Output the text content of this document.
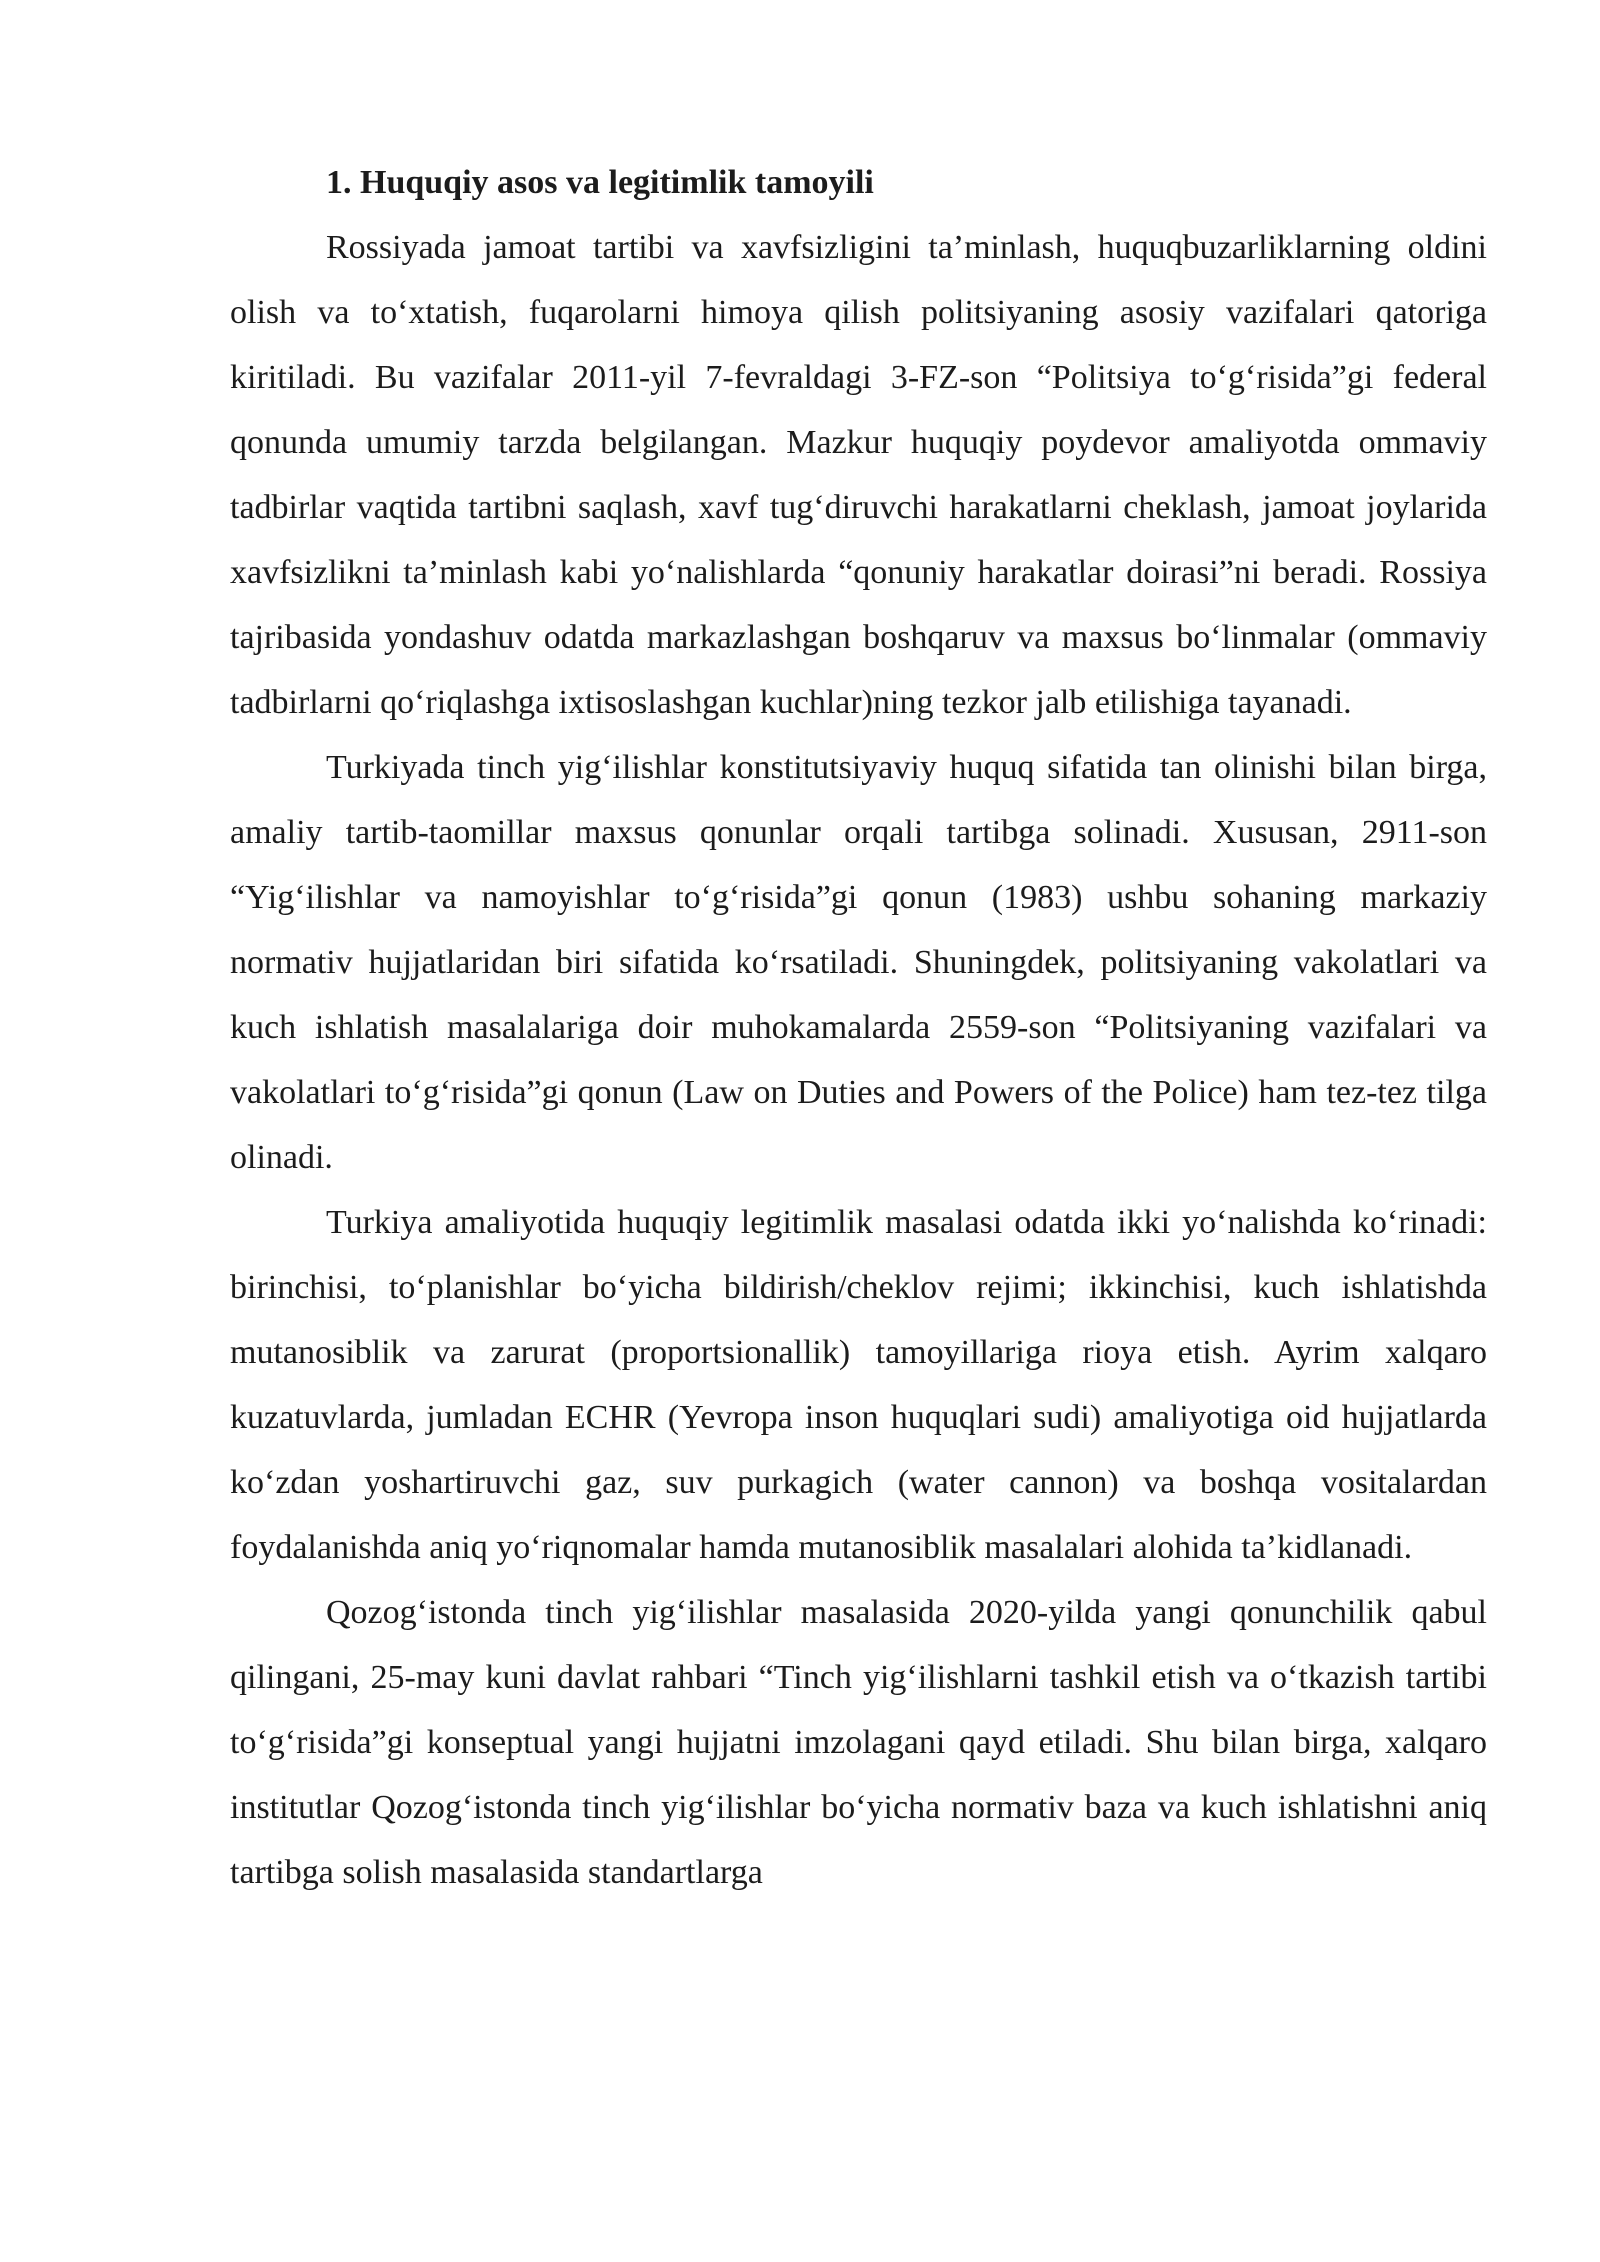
1. Huquqiy asos va legitimlik tamoyili

Rossiyada jamoat tartibi va xavfsizligini ta’minlash, huquqbuzarliklarning oldini olish va to‘xtatish, fuqarolarni himoya qilish politsiyaning asosiy vazifalari qatoriga kiritiladi. Bu vazifalar 2011-yil 7-fevraldagi 3-FZ-son “Politsiya to‘g‘risida”gi federal qonunda umumiy tarzda belgilangan. Mazkur huquqiy poydevor amaliyotda ommaviy tadbirlar vaqtida tartibni saqlash, xavf tug‘diruvchi harakatlarni cheklash, jamoat joylarida xavfsizlikni ta’minlash kabi yo‘nalishlarda “qonuniy harakatlar doirasi”ni beradi. Rossiya tajribasida yondashuv odatda markazlashgan boshqaruv va maxsus bo‘linmalar (ommaviy tadbirlarni qo‘riqlashga ixtisoslashgan kuchlar)ning tezkor jalb etilishiga tayanadi.

Turkiyada tinch yig‘ilishlar konstitutsiyaviy huquq sifatida tan olinishi bilan birga, amaliy tartib-taomillar maxsus qonunlar orqali tartibga solinadi. Xususan, 2911-son “Yig‘ilishlar va namoyishlar to‘g‘risida”gi qonun (1983) ushbu sohaning markaziy normativ hujjatlaridan biri sifatida ko‘rsatiladi. Shuningdek, politsiyaning vakolatlari va kuch ishlatish masalalariga doir muhokamalarda 2559-son “Politsiyaning vazifalari va vakolatlari to‘g‘risida”gi qonun (Law on Duties and Powers of the Police) ham tez-tez tilga olinadi.

Turkiya amaliyotida huquqiy legitimlik masalasi odatda ikki yo‘nalishda ko‘rinadi: birinchisi, to‘planishlar bo‘yicha bildirish/cheklov rejimi; ikkinchisi, kuch ishlatishda mutanosiblik va zarurat (proportsionallik) tamoyillariga rioya etish. Ayrim xalqaro kuzatuvlarda, jumladan ECHR (Yevropa inson huquqlari sudi) amaliyotiga oid hujjatlarda ko‘zdan yoshartiruvchi gaz, suv purkagich (water cannon) va boshqa vositalardan foydalanishda aniq yo‘riqnomalar hamda mutanosiblik masalalari alohida ta’kidlanadi.

Qozog‘istonda tinch yig‘ilishlar masalasida 2020-yilda yangi qonunchilik qabul qilingani, 25-may kuni davlat rahbari “Tinch yig‘ilishlarni tashkil etish va o‘tkazish tartibi to‘g‘risida”gi konseptual yangi hujjatni imzolagani qayd etiladi. Shu bilan birga, xalqaro institutlar Qozog‘istonda tinch yig‘ilishlar bo‘yicha normativ baza va kuch ishlatishni aniq tartibga solish masalasida standartlarga
